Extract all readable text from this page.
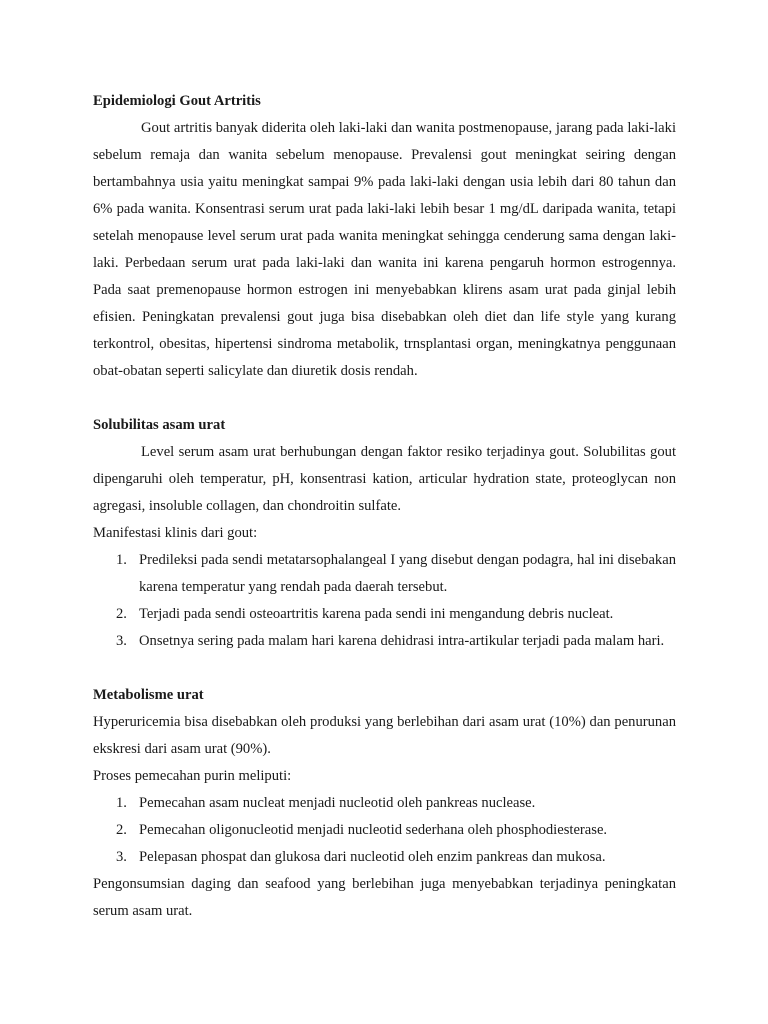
Epidemiologi Gout Artritis

Gout artritis banyak diderita oleh laki-laki dan wanita postmenopause, jarang pada laki-laki sebelum remaja dan wanita sebelum menopause. Prevalensi gout meningkat seiring dengan bertambahnya usia yaitu meningkat sampai 9% pada laki-laki dengan usia lebih dari 80 tahun dan 6% pada wanita. Konsentrasi serum urat pada laki-laki lebih besar 1 mg/dL daripada wanita, tetapi setelah menopause level serum urat pada wanita meningkat sehingga cenderung sama dengan laki-laki. Perbedaan serum urat pada laki-laki dan wanita ini karena pengaruh hormon estrogennya. Pada saat premenopause hormon estrogen ini menyebabkan klirens asam urat pada ginjal lebih efisien. Peningkatan prevalensi gout juga bisa disebabkan oleh diet dan life style yang kurang terkontrol, obesitas, hipertensi sindroma metabolik, trnsplantasi organ, meningkatnya penggunaan obat-obatan seperti salicylate dan diuretik dosis rendah.

Solubilitas asam urat

Level serum asam urat berhubungan dengan faktor resiko terjadinya gout. Solubilitas gout dipengaruhi oleh temperatur, pH, konsentrasi kation, articular hydration state, proteoglycan non agregasi, insoluble collagen, dan chondroitin sulfate.

Manifestasi klinis dari gout:

1. Predileksi pada sendi metatarsophalangeal I yang disebut dengan podagra, hal ini disebakan karena temperatur yang rendah pada daerah tersebut.
2. Terjadi pada sendi osteoartritis karena pada sendi ini mengandung debris nucleat.
3. Onsetnya sering pada malam hari karena dehidrasi intra-artikular terjadi pada malam hari.
Metabolisme urat

Hyperuricemia bisa disebabkan oleh produksi yang berlebihan dari asam urat (10%) dan penurunan ekskresi dari asam urat (90%).

Proses pemecahan purin meliputi:

1. Pemecahan asam nucleat menjadi nucleotid oleh pankreas nuclease.
2. Pemecahan oligonucleotid menjadi nucleotid sederhana oleh phosphodiesterase.
3. Pelepasan phospat dan glukosa dari nucleotid oleh enzim pankreas dan mukosa.

Pengonsumsian daging dan seafood yang berlebihan juga menyebabkan terjadinya peningkatan serum asam urat.
